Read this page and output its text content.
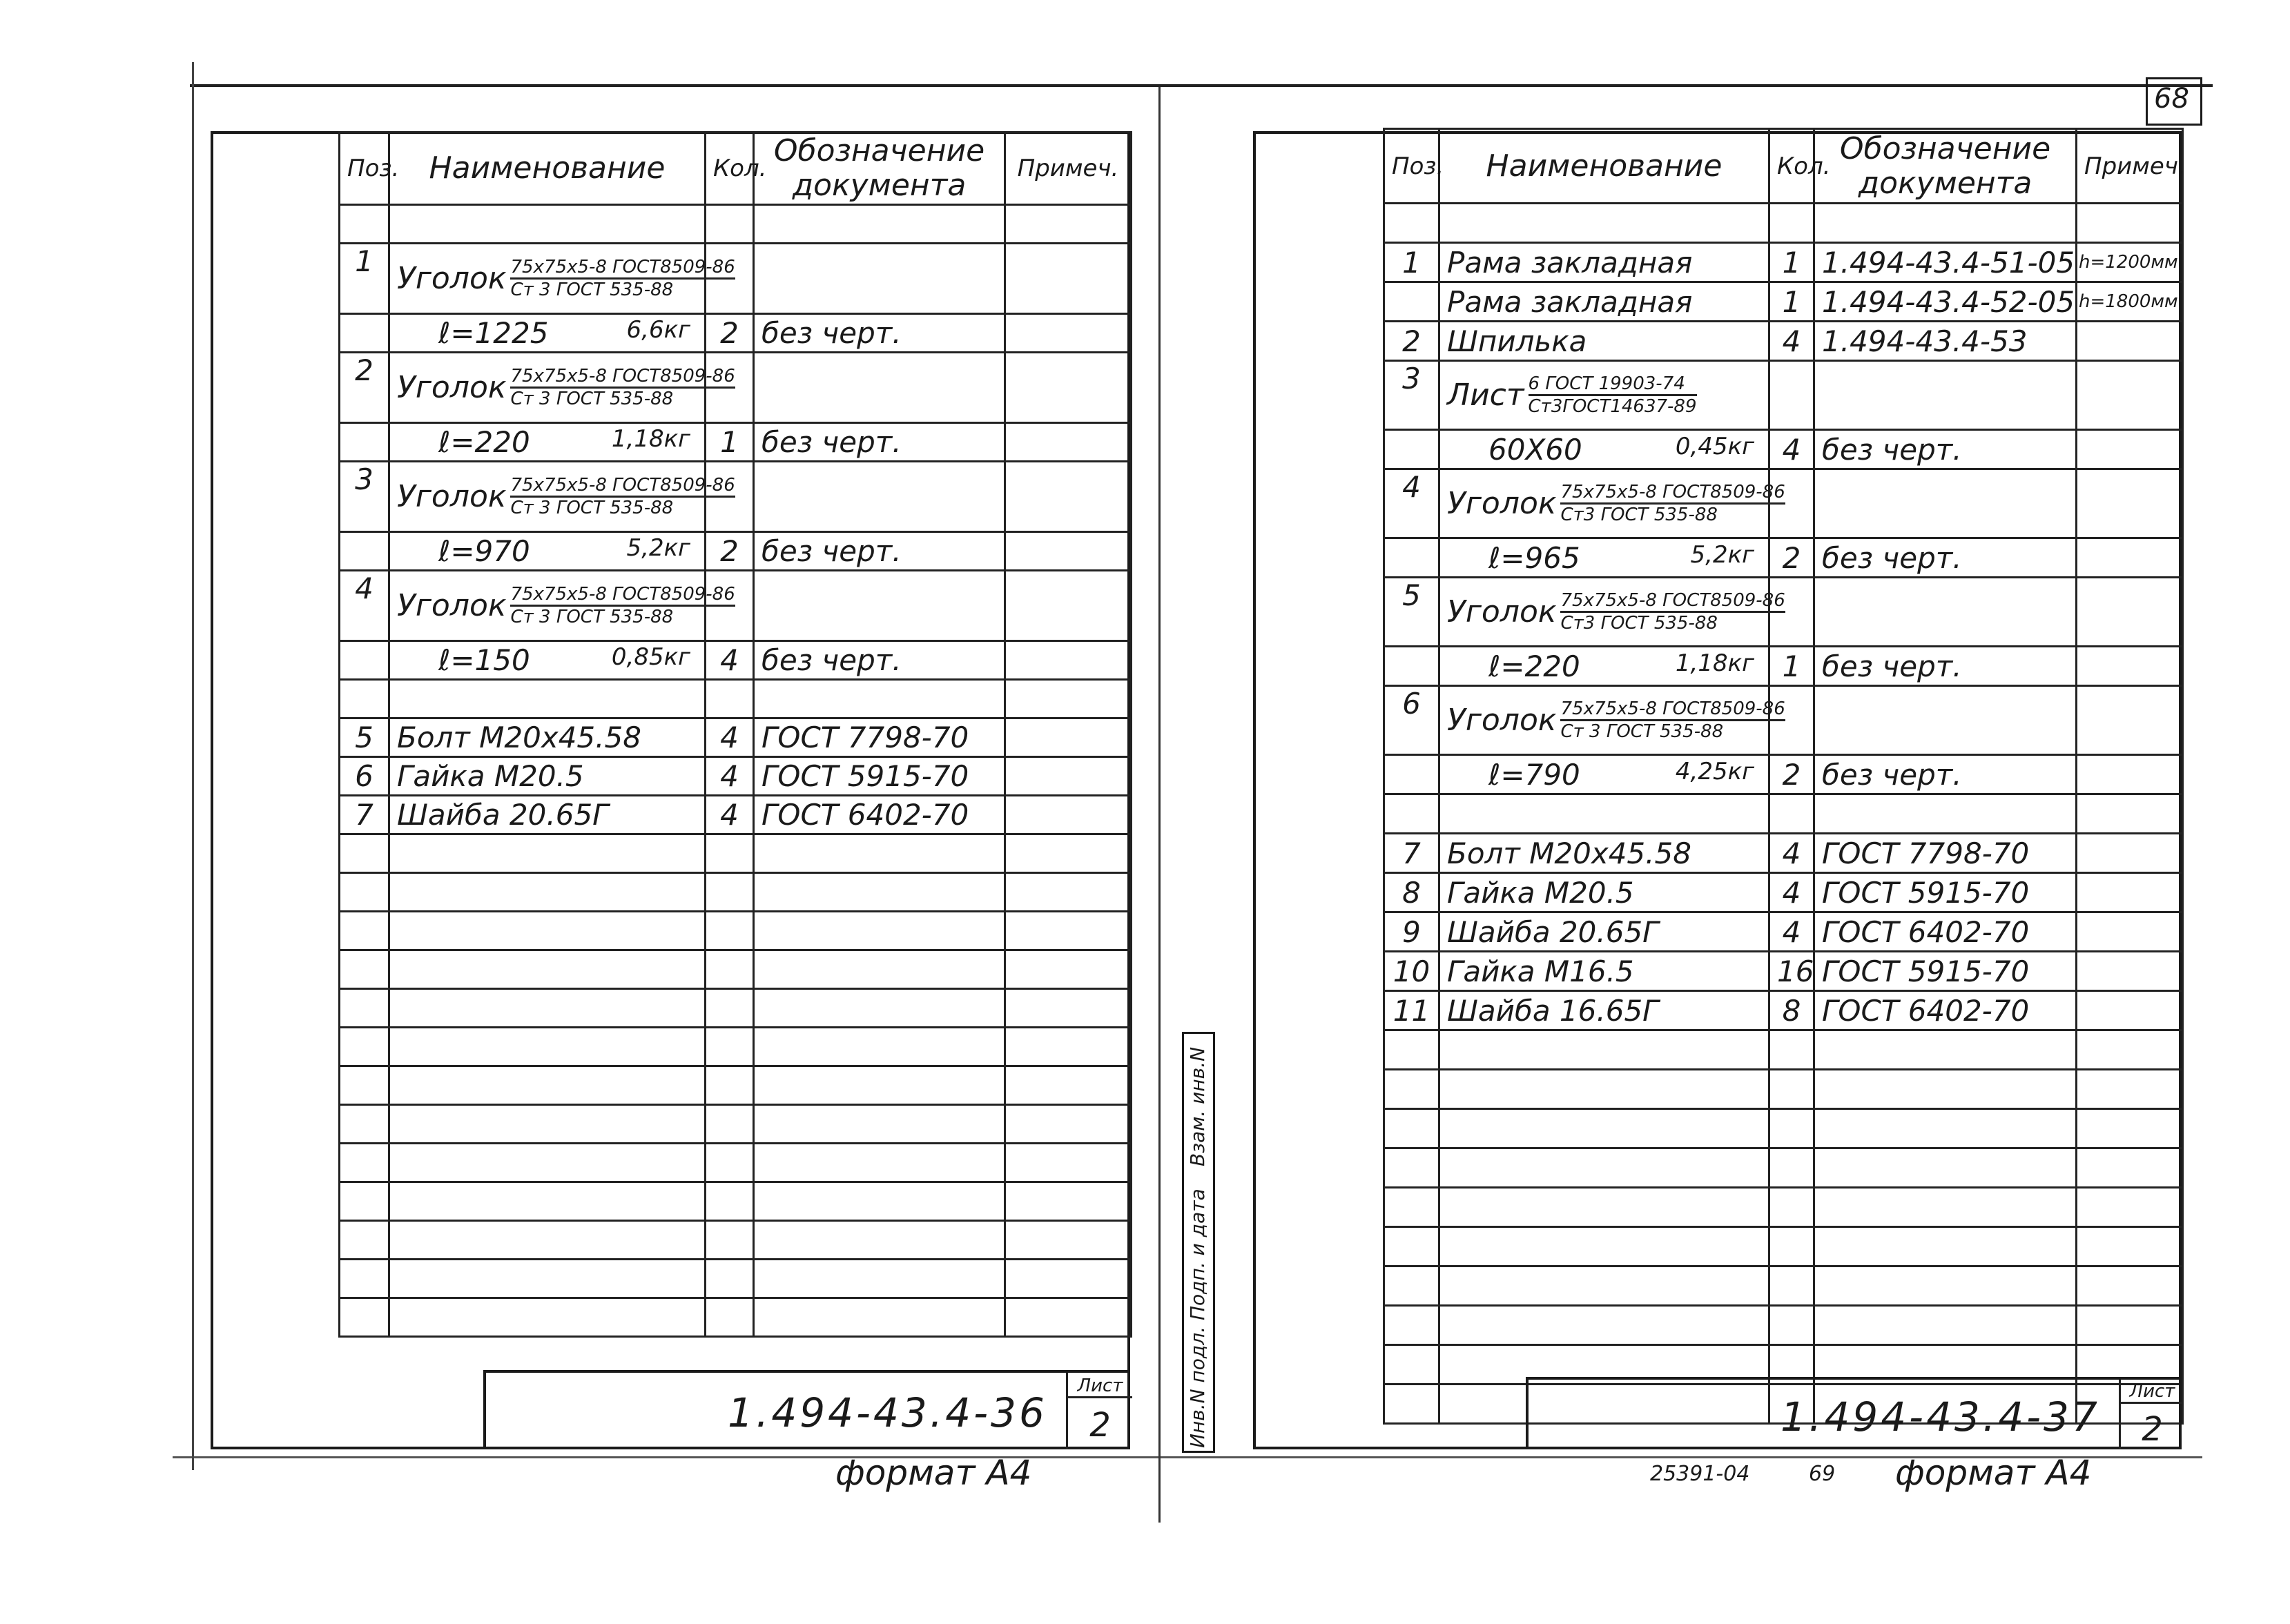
68
Поз.	Наименование	Кол.	Обозначение
документа	Примеч.

1	Уголок 75х75х5-8 ГОСТ8509-86
Ст 3 ГОСТ 535-88			

	ℓ=1225 6,6кг	2	без черт.	
2	Уголок 75х75х5-8 ГОСТ8509-86
Ст 3 ГОСТ 535-88			

	ℓ=220 1,18кг	1	без черт.	
3	Уголок 75х75х5-8 ГОСТ8509-86
Ст 3 ГОСТ 535-88			

	ℓ=970 5,2кг	2	без черт.	
4	Уголок 75х75х5-8 ГОСТ8509-86
Ст 3 ГОСТ 535-88			

	ℓ=150 0,85кг	4	без черт.	

5	Болт М20х45.58	4	ГОСТ 7798-70	
6	Гайка М20.5	4	ГОСТ 5915-70	
7	Шайба 20.65Г	4	ГОСТ 6402-70	

1.494-43.4-36
Лист
2
формат А4
Инв.N подл. Подп. и дата
Взам. инв.N
Поз.	Наименование	Кол.	Обозначение
документа	Примеч.

1	Рама закладная	1	1.494-43.4-51-05	h=1200мм
	Рама закладная	1	1.494-43.4-52-05	h=1800мм
2	Шпилька	4	1.494-43.4-53	
3	Лист 6 ГОСТ 19903-74
Ст3ГОСТ14637-89			

	60Х60 0,45кг	4	без черт.	
4	Уголок 75х75х5-8 ГОСТ8509-86
Ст3 ГОСТ 535-88			

	ℓ=965 5,2кг	2	без черт.	
5	Уголок 75х75х5-8 ГОСТ8509-86
Ст3 ГОСТ 535-88			

	ℓ=220 1,18кг	1	без черт.	
6	Уголок 75х75х5-8 ГОСТ8509-86
Ст 3 ГОСТ 535-88			

	ℓ=790 4,25кг	2	без черт.	

7	Болт М20х45.58	4	ГОСТ 7798-70	
8	Гайка М20.5	4	ГОСТ 5915-70	
9	Шайба 20.65Г	4	ГОСТ 6402-70	
10	Гайка М16.5	16	ГОСТ 5915-70	
11	Шайба 16.65Г	8	ГОСТ 6402-70	

1.494-43.4-37
Лист
2
25391-04	69 формат А4
